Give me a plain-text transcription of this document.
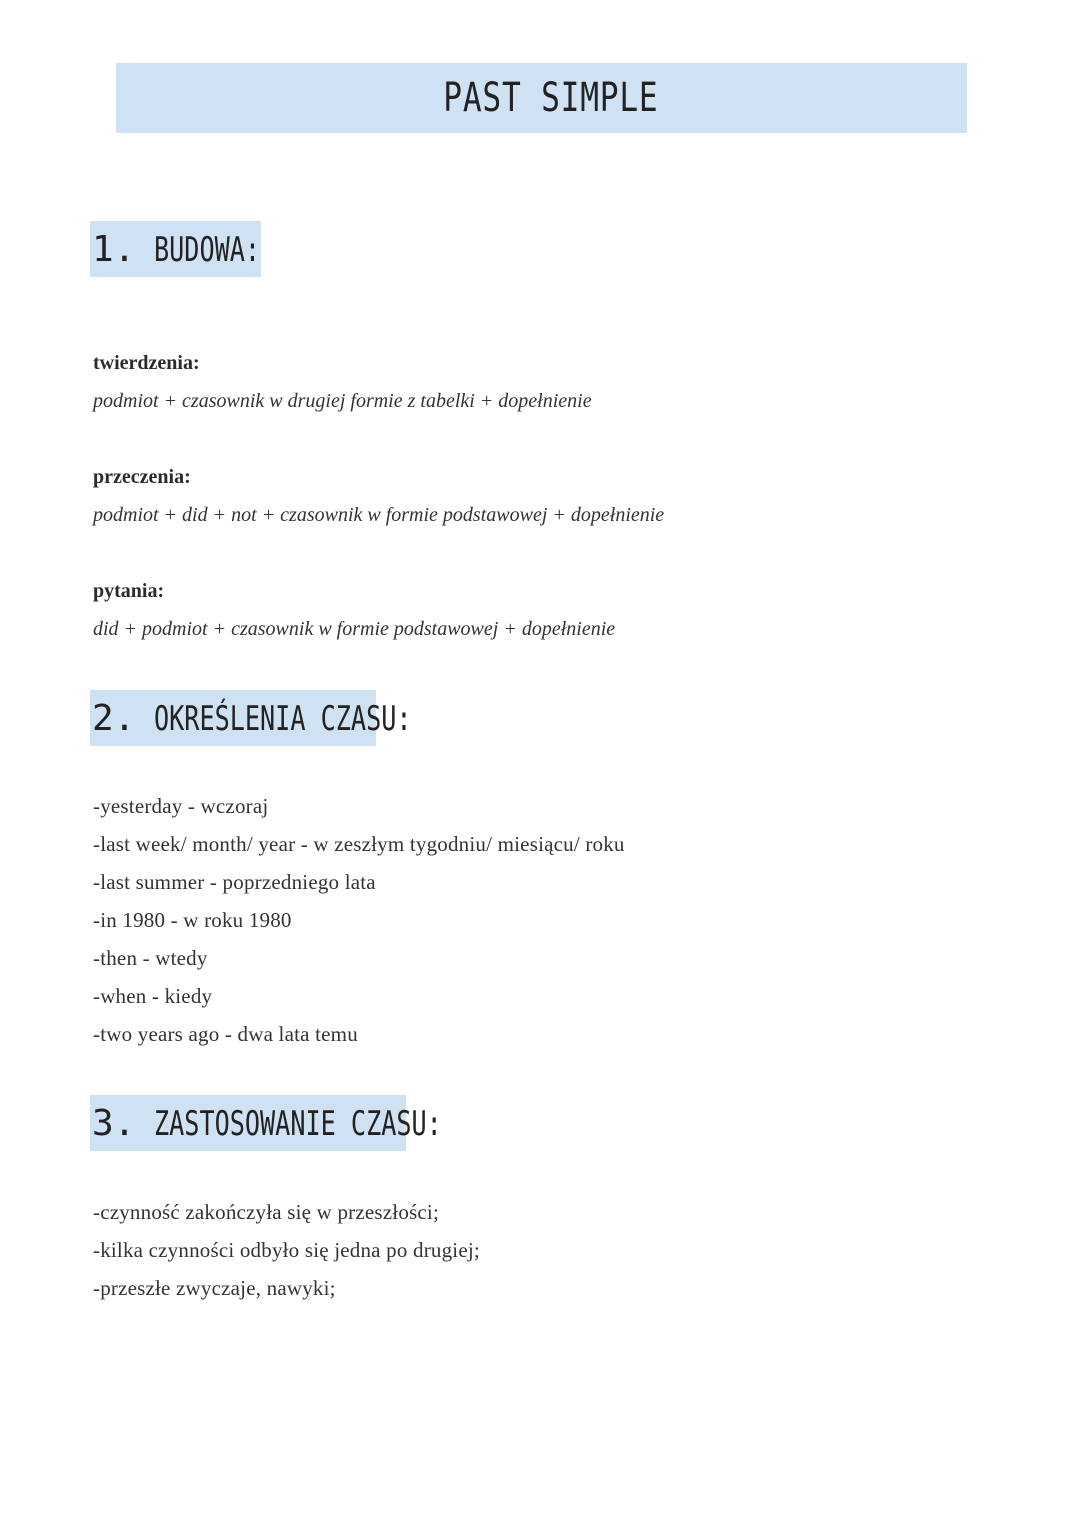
PAST SIMPLE
1. BUDOWA:
twierdzenia:
podmiot + czasownik w drugiej formie z tabelki + dopełnienie
przeczenia:
podmiot + did + not + czasownik w formie podstawowej + dopełnienie
pytania:
did + podmiot + czasownik w formie podstawowej + dopełnienie
2. OKREŚLENIA CZASU:
-yesterday - wczoraj
-last week/ month/ year - w zeszłym tygodniu/ miesiącu/ roku
-last summer - poprzedniego lata
-in 1980 - w roku 1980
-then - wtedy
-when - kiedy
-two years ago - dwa lata temu
3. ZASTOSOWANIE CZASU:
-czynność zakończyła się w przeszłości;
-kilka czynności odbyło się jedna po drugiej;
-przeszłe zwyczaje, nawyki;
